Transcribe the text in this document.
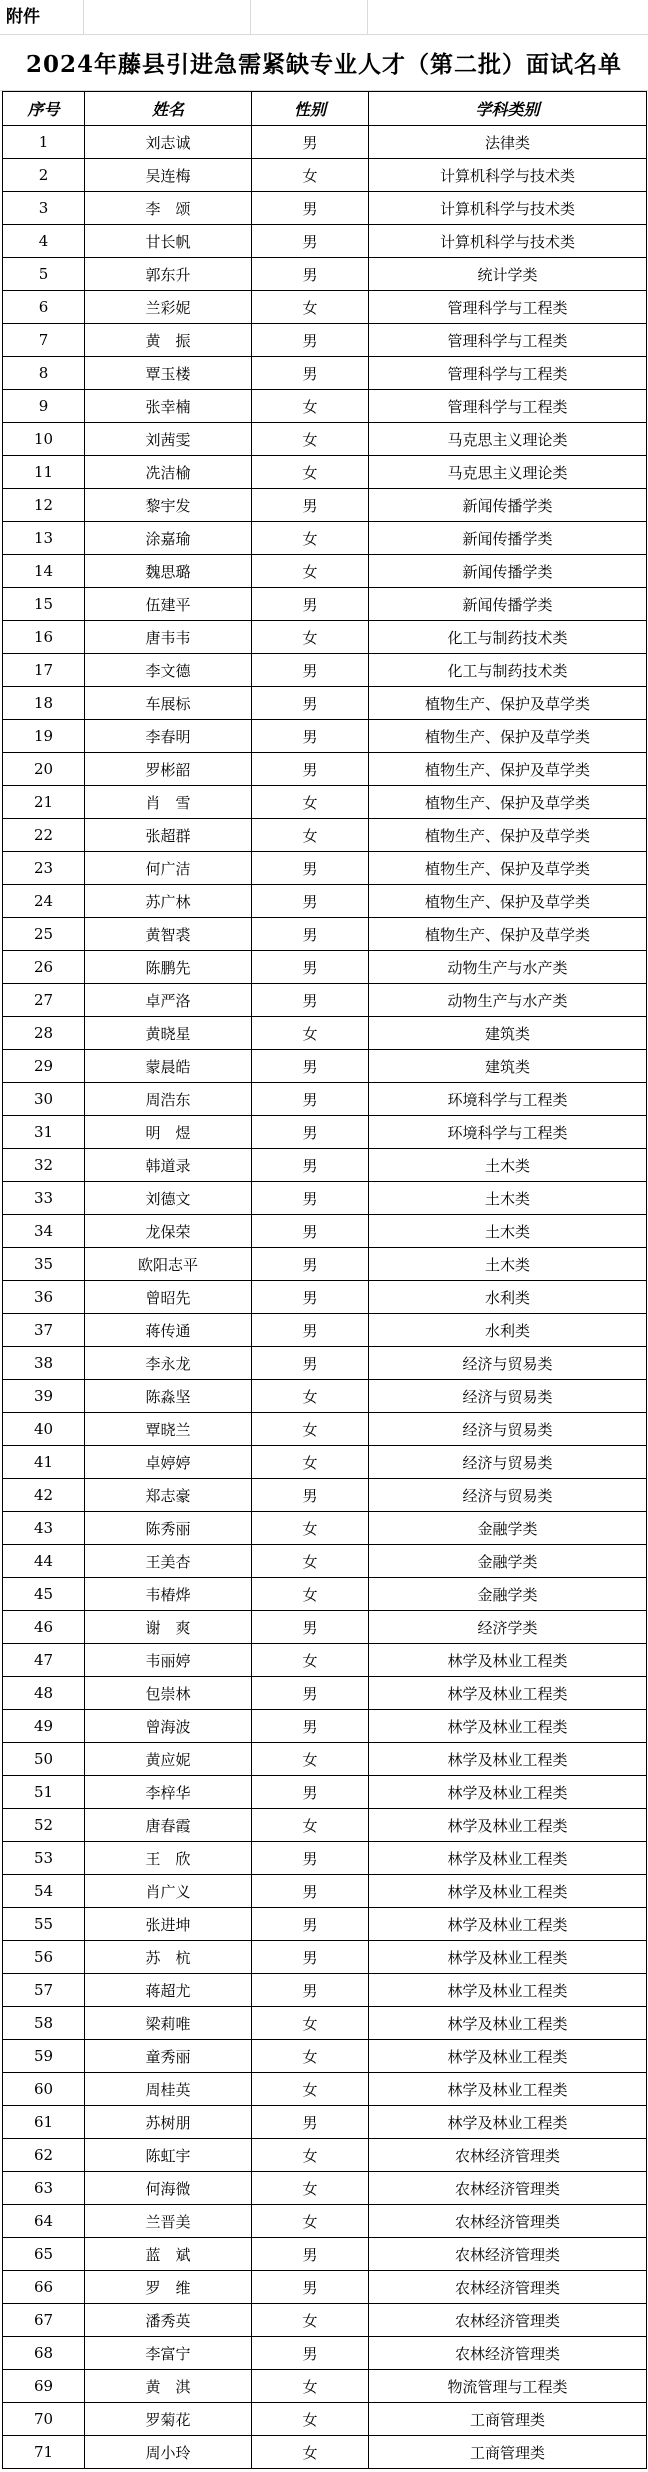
附件
2024年藤县引进急需紧缺专业人才（第二批）面试名单
序号	姓名	性别	学科类别
1	刘志诚	男	法律类
2	吴连梅	女	计算机科学与技术类
3	李　颂	男	计算机科学与技术类
4	甘长帆	男	计算机科学与技术类
5	郭东升	男	统计学类
6	兰彩妮	女	管理科学与工程类
7	黄　振	男	管理科学与工程类
8	覃玉楼	男	管理科学与工程类
9	张幸楠	女	管理科学与工程类
10	刘茜雯	女	马克思主义理论类
11	冼洁榆	女	马克思主义理论类
12	黎宇发	男	新闻传播学类
13	涂嘉瑜	女	新闻传播学类
14	魏思璐	女	新闻传播学类
15	伍建平	男	新闻传播学类
16	唐韦韦	女	化工与制药技术类
17	李文德	男	化工与制药技术类
18	车展标	男	植物生产、保护及草学类
19	李春明	男	植物生产、保护及草学类
20	罗彬韶	男	植物生产、保护及草学类
21	肖　雪	女	植物生产、保护及草学类
22	张超群	女	植物生产、保护及草学类
23	何广洁	男	植物生产、保护及草学类
24	苏广林	男	植物生产、保护及草学类
25	黄智裘	男	植物生产、保护及草学类
26	陈鹏先	男	动物生产与水产类
27	卓严洛	男	动物生产与水产类
28	黄晓星	女	建筑类
29	蒙晨皓	男	建筑类
30	周浩东	男	环境科学与工程类
31	明　煜	男	环境科学与工程类
32	韩道录	男	土木类
33	刘德文	男	土木类
34	龙保荣	男	土木类
35	欧阳志平	男	土木类
36	曾昭先	男	水利类
37	蒋传通	男	水利类
38	李永龙	男	经济与贸易类
39	陈淼坚	女	经济与贸易类
40	覃晓兰	女	经济与贸易类
41	卓婷婷	女	经济与贸易类
42	郑志豪	男	经济与贸易类
43	陈秀丽	女	金融学类
44	王美杏	女	金融学类
45	韦椿烨	女	金融学类
46	谢　爽	男	经济学类
47	韦丽婷	女	林学及林业工程类
48	包崇林	男	林学及林业工程类
49	曾海波	男	林学及林业工程类
50	黄应妮	女	林学及林业工程类
51	李梓华	男	林学及林业工程类
52	唐春霞	女	林学及林业工程类
53	王　欣	男	林学及林业工程类
54	肖广义	男	林学及林业工程类
55	张进坤	男	林学及林业工程类
56	苏　杭	男	林学及林业工程类
57	蒋超尤	男	林学及林业工程类
58	梁莉唯	女	林学及林业工程类
59	童秀丽	女	林学及林业工程类
60	周桂英	女	林学及林业工程类
61	苏树朋	男	林学及林业工程类
62	陈虹宇	女	农林经济管理类
63	何海微	女	农林经济管理类
64	兰晋美	女	农林经济管理类
65	蓝　斌	男	农林经济管理类
66	罗　维	男	农林经济管理类
67	潘秀英	女	农林经济管理类
68	李富宁	男	农林经济管理类
69	黄　淇	女	物流管理与工程类
70	罗菊花	女	工商管理类
71	周小玲	女	工商管理类
